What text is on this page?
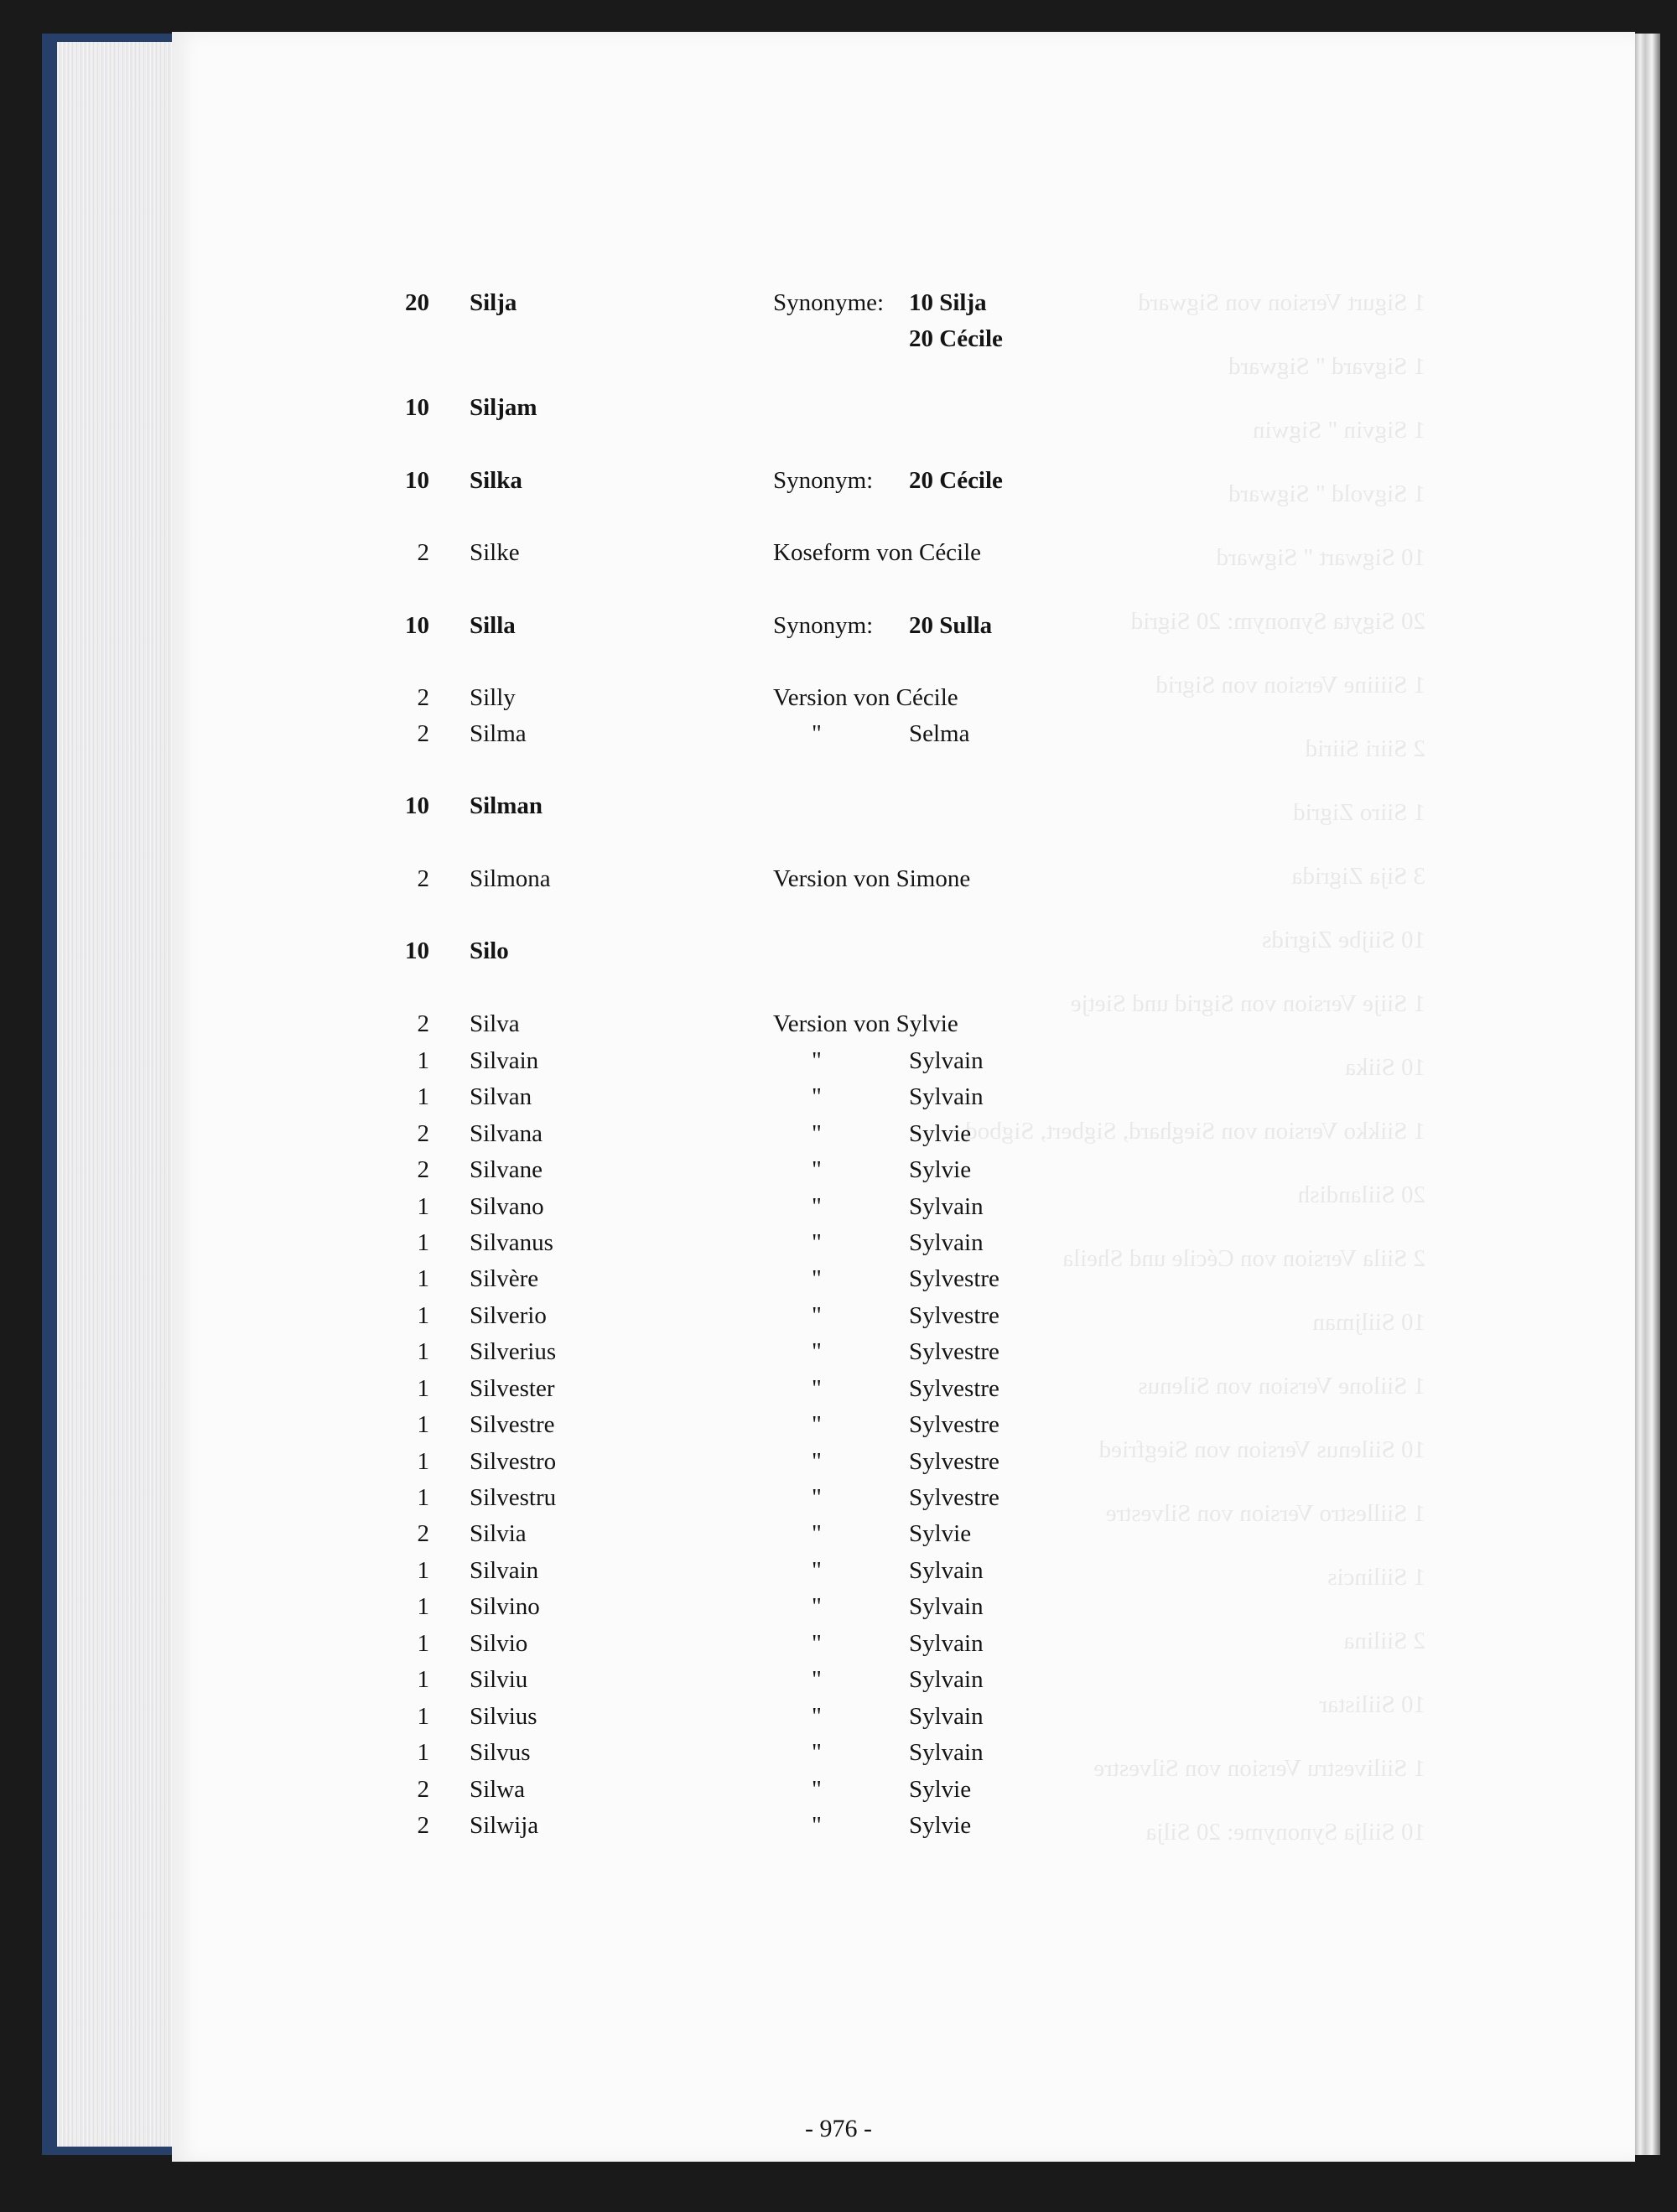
20 Silja	Synonyme: 10 Silja
20 Cécile
10 Siljam
10 Silka	Synonym: 20 Cécile
2 Silke	Koseform von Cécile
10 Silla	Synonym: 20 Sulla
2 Silly	Version von Cécile
2 Silma	"	Selma
10 Silman
2 Silmona	Version von Simone
10 Silo
2 Silva	Version von Sylvie
1 Silvain	"	Sylvain
1 Silvan	"	Sylvain
2 Silvana	"	Sylvie
2 Silvane	"	Sylvie
1 Silvano	"	Sylvain
1 Silvanus	"	Sylvain
1 Silvère	"	Sylvestre
1 Silverio	"	Sylvestre
1 Silverius	"	Sylvestre
1 Silvester	"	Sylvestre
1 Silvestre	"	Sylvestre
1 Silvestro	"	Sylvestre
1 Silvestru	"	Sylvestre
2 Silvia	"	Sylvie
1 Silvain	"	Sylvain
1 Silvino	"	Sylvain
1 Silvio	"	Sylvain
1 Silviu	"	Sylvain
1 Silvius	"	Sylvain
1 Silvus	"	Sylvain
2 Silwa	"	Sylvie
2 Silwija	"	Sylvie
- 976 -
